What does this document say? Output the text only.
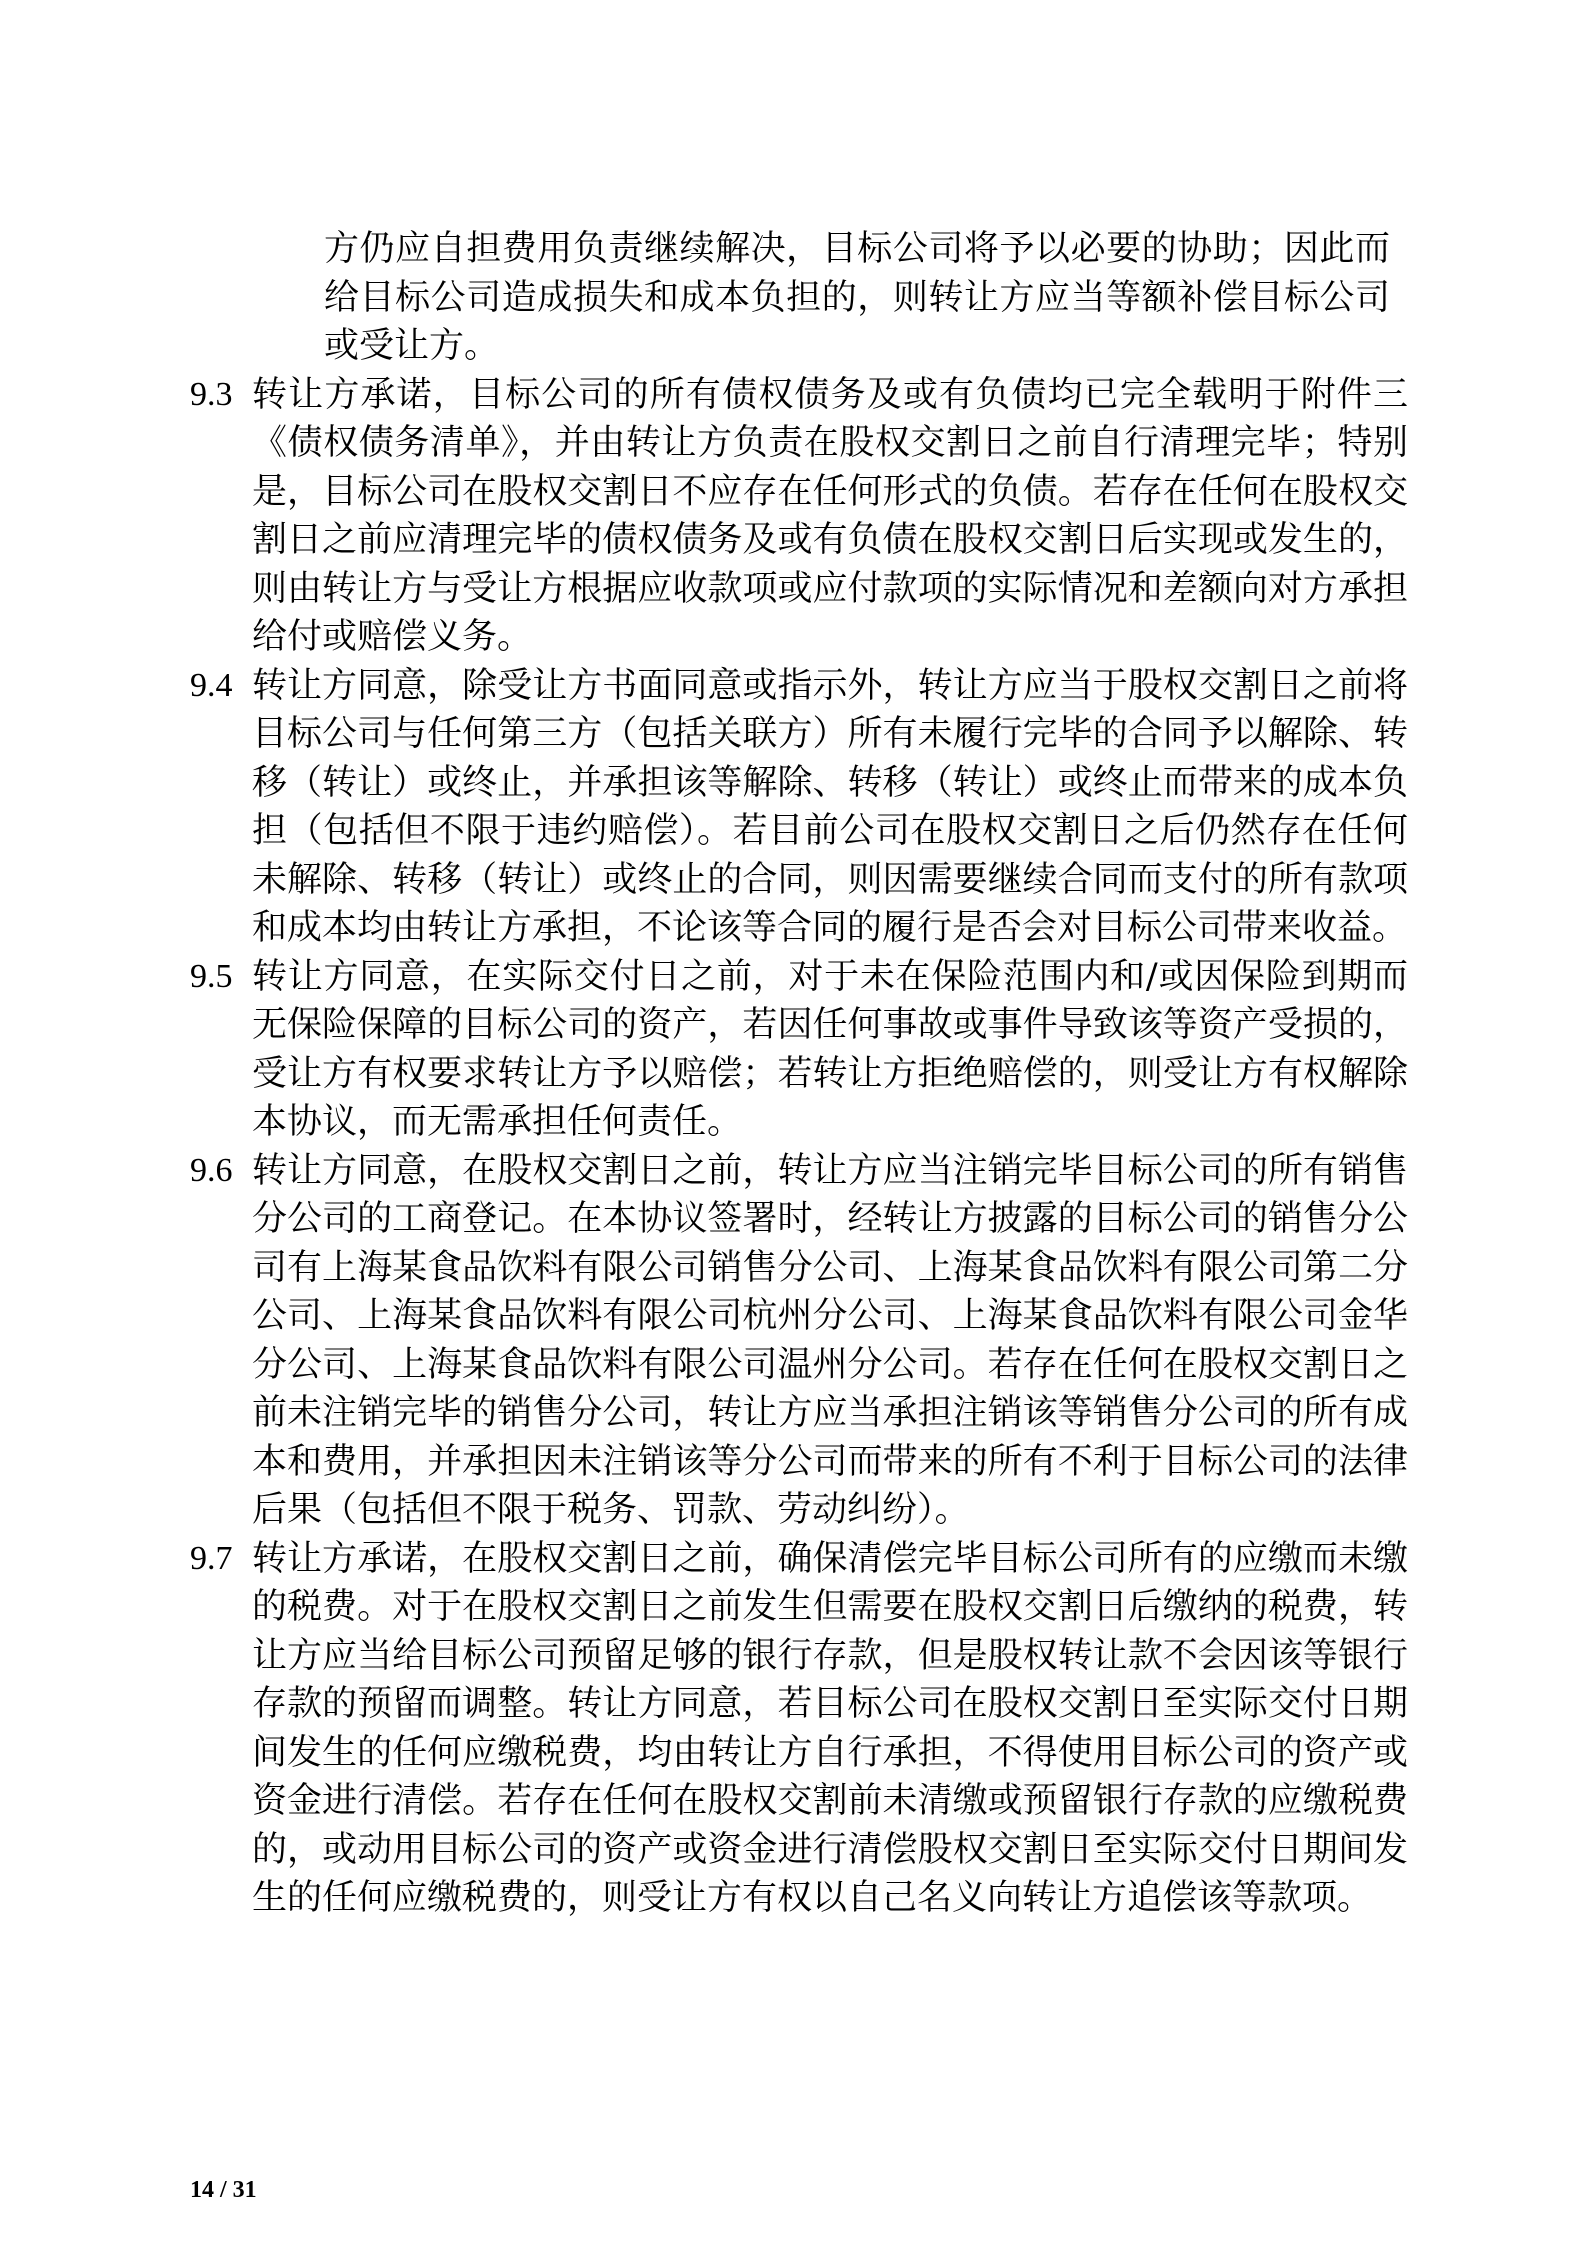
方仍应自担费用负责继续解决，目标公司将予以必要的协助；因此而给目标公司造成损失和成本负担的，则转让方应当等额补偿目标公司或受让方。

9.3 转让方承诺，目标公司的所有债权债务及或有负债均已完全载明于附件三《债权债务清单》，并由转让方负责在股权交割日之前自行清理完毕；特别是，目标公司在股权交割日不应存在任何形式的负债。若存在任何在股权交割日之前应清理完毕的债权债务及或有负债在股权交割日后实现或发生的，则由转让方与受让方根据应收款项或应付款项的实际情况和差额向对方承担给付或赔偿义务。
9.4 转让方同意，除受让方书面同意或指示外，转让方应当于股权交割日之前将目标公司与任何第三方（包括关联方）所有未履行完毕的合同予以解除、转移（转让）或终止，并承担该等解除、转移（转让）或终止而带来的成本负担（包括但不限于违约赔偿）。若目前公司在股权交割日之后仍然存在任何未解除、转移（转让）或终止的合同，则因需要继续合同而支付的所有款项和成本均由转让方承担，不论该等合同的履行是否会对目标公司带来收益。
9.5 转让方同意，在实际交付日之前，对于未在保险范围内和/或因保险到期而无保险保障的目标公司的资产，若因任何事故或事件导致该等资产受损的，受让方有权要求转让方予以赔偿；若转让方拒绝赔偿的，则受让方有权解除本协议，而无需承担任何责任。
9.6 转让方同意，在股权交割日之前，转让方应当注销完毕目标公司的所有销售分公司的工商登记。在本协议签署时，经转让方披露的目标公司的销售分公司有上海某食品饮料有限公司销售分公司、上海某食品饮料有限公司第二分公司、上海某食品饮料有限公司杭州分公司、上海某食品饮料有限公司金华分公司、上海某食品饮料有限公司温州分公司。若存在任何在股权交割日之前未注销完毕的销售分公司，转让方应当承担注销该等销售分公司的所有成本和费用，并承担因未注销该等分公司而带来的所有不利于目标公司的法律后果（包括但不限于税务、罚款、劳动纠纷）。
9.7 转让方承诺，在股权交割日之前，确保清偿完毕目标公司所有的应缴而未缴的税费。对于在股权交割日之前发生但需要在股权交割日后缴纳的税费，转让方应当给目标公司预留足够的银行存款，但是股权转让款不会因该等银行存款的预留而调整。转让方同意，若目标公司在股权交割日至实际交付日期间发生的任何应缴税费，均由转让方自行承担，不得使用目标公司的资产或资金进行清偿。若存在任何在股权交割前未清缴或预留银行存款的应缴税费的，或动用目标公司的资产或资金进行清偿股权交割日至实际交付日期间发生的任何应缴税费的，则受让方有权以自己名义向转让方追偿该等款项。
14 / 31
